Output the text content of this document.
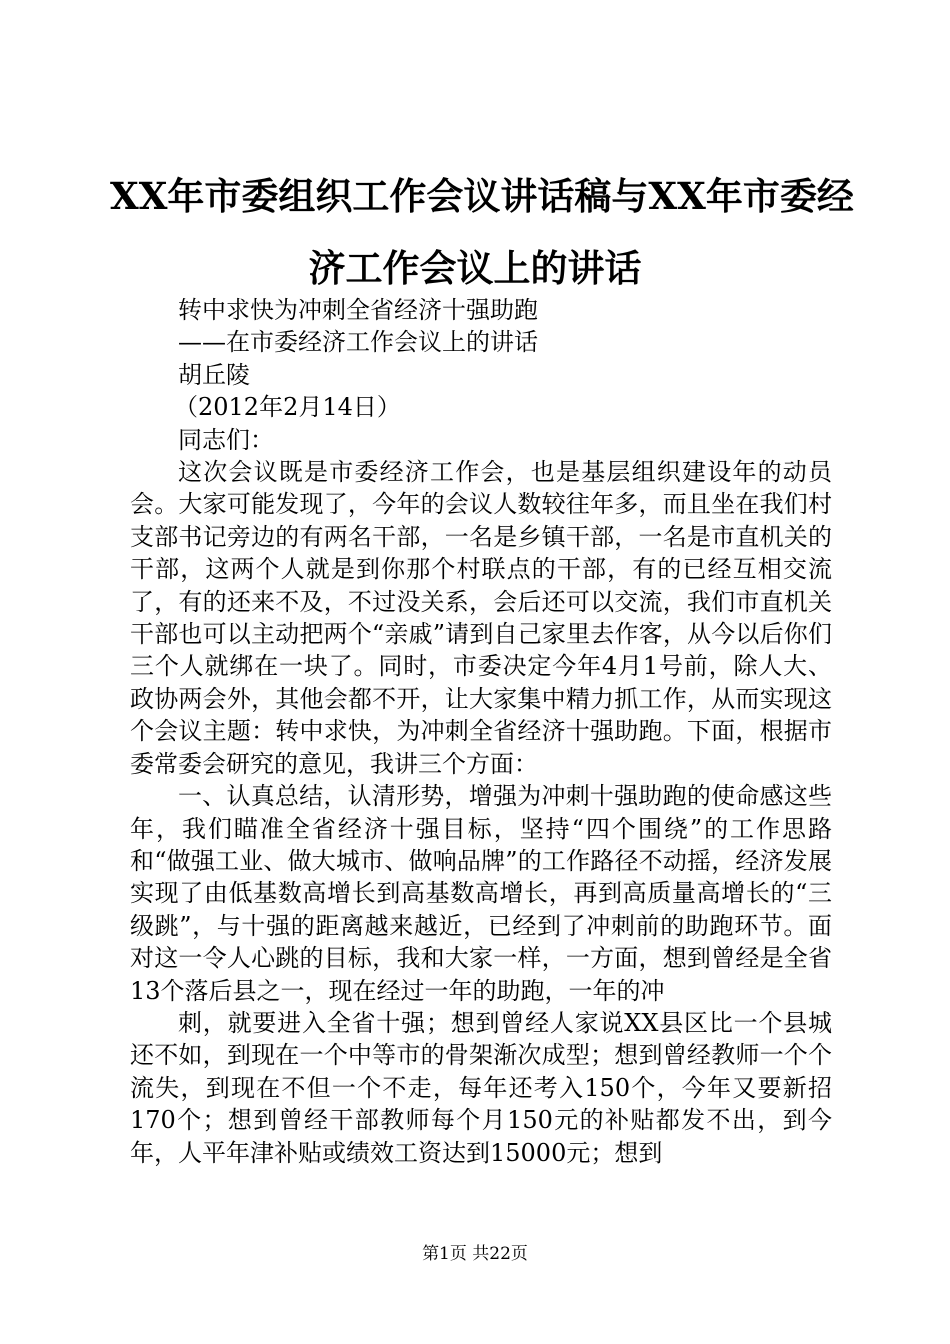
XX年市委组织工作会议讲话稿与XX年市委经
济工作会议上的讲话
转中求快为冲刺全省经济十强助跑
——在市委经济工作会议上的讲话
胡丘陵
（2012年2月14日）
同志们：

这次会议既是市委经济工作会，也是基层组织建设年的动员会。大家可能发现了，今年的会议人数较往年多，而且坐在我们村支部书记旁边的有两名干部，一名是乡镇干部，一名是市直机关的干部，这两个人就是到你那个村联点的干部，有的已经互相交流了，有的还来不及，不过没关系，会后还可以交流，我们市直机关干部也可以主动把两个“亲戚”请到自己家里去作客，从今以后你们三个人就绑在一块了。同时，市委决定今年4月1号前，除人大、政协两会外，其他会都不开，让大家集中精力抓工作，从而实现这个会议主题：转中求快，为冲刺全省经济十强助跑。下面，根据市委常委会研究的意见，我讲三个方面：

一、认真总结，认清形势，增强为冲刺十强助跑的使命感这些年，我们瞄准全省经济十强目标，坚持“四个围绕”的工作思路和“做强工业、做大城市、做响品牌”的工作路径不动摇，经济发展实现了由低基数高增长到高基数高增长，再到高质量高增长的“三级跳”，与十强的距离越来越近，已经到了冲刺前的助跑环节。面对这一令人心跳的目标，我和大家一样，一方面，想到曾经是全省13个落后县之一，现在经过一年的助跑，一年的冲

刺，就要进入全省十强；想到曾经人家说XX县区比一个县城还不如，到现在一个中等市的骨架渐次成型；想到曾经教师一个个流失，到现在不但一个不走，每年还考入150个，今年又要新招170个；想到曾经干部教师每个月150元的补贴都发不出，到今年，人平年津补贴或绩效工资达到15000元；想到

第1页 共22页
